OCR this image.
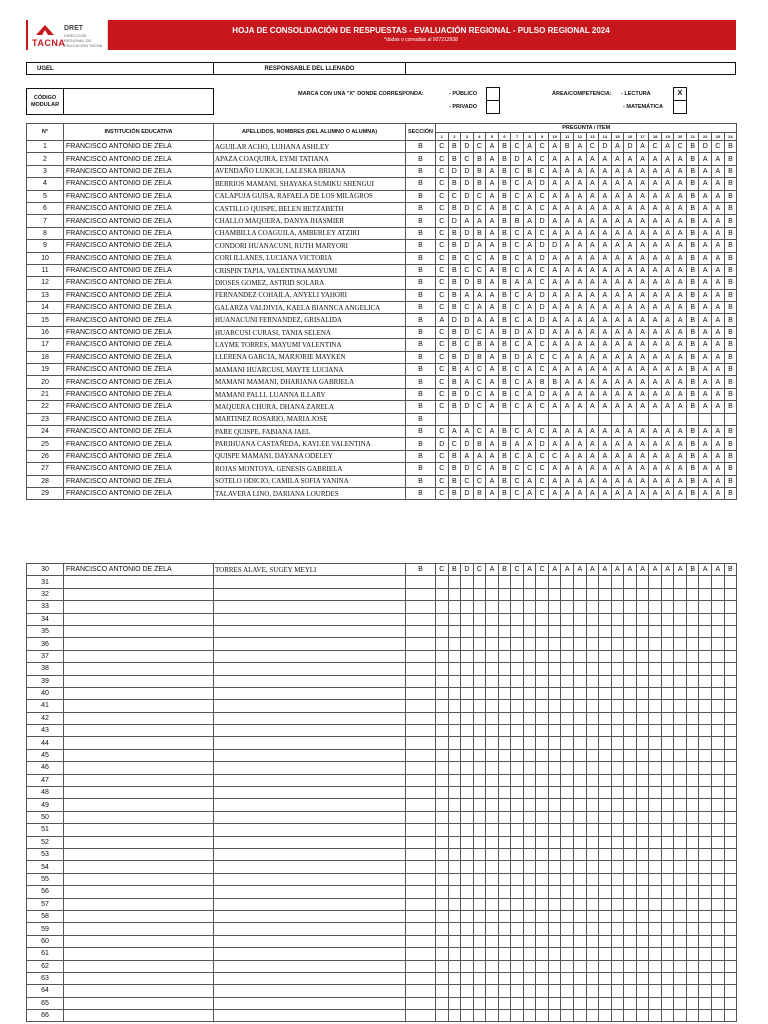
TACNA
DRET
DIRECCIÓN REGIONAL DE EDUCACIÓN TACNA
HOJA DE CONSOLIDACIÓN DE RESPUESTAS - EVALUACIÓN REGIONAL - PULSO REGIONAL 2024
*dudas o consultas al 927212938
UGEL	RESPONSABLE DEL LLENADO
CÓDIGO MODULAR
MARCA CON UNA "X" DONDE CORRESPONDA:	- PÚBLICO
- PRIVADO
ÁREA/COMPETENCIA: - LECTURA	X
- MATEMÁTICA
N°	INSTITUCIÓN EDUCATIVA	APELLIDOS, NOMBRES (DEL ALUMNO O ALUMNA)	SECCIÓN	PREGUNTA / ITEM																							
				1	2	3	4	5	6	7	8	9	10	11	12	13	14	15	16	17	18	19	20	21	22	23	24
1	FRANCISCO ANTONIO DE ZELA	AGUILAR ACHO, LUHANA ASHLEY	B	C	B	D	C	A	B	C	A	C	A	B	A	C	D	A	D	A	C	A	C	B	D	C	B
2	FRANCISCO ANTONIO DE ZELA	APAZA COAQUIRA, EYMI TATIANA	B	C	B	C	B	A	B	D	A	C	A	A	A	A	A	A	A	A	A	A	A	B	A	A	B
3	FRANCISCO ANTONIO DE ZELA	AVENDAÑO LUKICH, LALESKA BRIANA	B	C	D	D	B	A	B	C	B	C	A	A	A	A	A	A	A	A	A	A	A	B	A	A	B
4	FRANCISCO ANTONIO DE ZELA	BERRIOS MAMANI, SHAYAKA SUMIKU SHENGUI	B	C	B	D	B	A	B	C	A	D	A	A	A	A	A	A	A	A	A	A	A	B	A	A	B
5	FRANCISCO ANTONIO DE ZELA	CALAPUJA GUISA, RAFAELA DE LOS MILAGROS	B	C	C	D	C	A	B	C	A	C	A	A	A	A	A	A	A	A	A	A	A	B	A	A	B
6	FRANCISCO ANTONIO DE ZELA	CASTILLO QUISPE, BELEN BETZABETH	B	C	B	D	C	A	B	C	A	C	A	A	A	A	A	A	A	A	A	A	A	B	A	A	B
7	FRANCISCO ANTONIO DE ZELA	CHALLO MAQUERA, DANYA JHASMIER	B	C	D	A	A	A	B	B	A	D	A	A	A	A	A	A	A	A	A	A	A	B	A	A	B
8	FRANCISCO ANTONIO DE ZELA	CHAMBILLA COAGUILA, AMBERLEY ATZIRI	B	C	B	D	B	A	B	C	A	C	A	A	A	A	A	A	A	A	A	A	A	B	A	A	B
9	FRANCISCO ANTONIO DE ZELA	CONDORI HUANACUNI, RUTH MARYORI	B	C	B	D	A	A	B	C	A	D	D	A	A	A	A	A	A	A	A	A	A	B	A	A	B
10	FRANCISCO ANTONIO DE ZELA	CORI ILLANES, LUCIANA VICTORIA	B	C	B	C	C	A	B	C	A	D	A	A	A	A	A	A	A	A	A	A	A	B	A	A	B
11	FRANCISCO ANTONIO DE ZELA	CRISPIN TAPIA, VALENTINA MAYUMI	B	C	B	C	C	A	B	C	A	C	A	A	A	A	A	A	A	A	A	A	A	B	A	A	B
12	FRANCISCO ANTONIO DE ZELA	DIOSES GOMEZ, ASTRID SOLARA	B	C	B	D	B	A	B	A	A	C	A	A	A	A	A	A	A	A	A	A	A	B	A	A	B
13	FRANCISCO ANTONIO DE ZELA	FERNANDEZ COHAILA, ANYELI YAHORI	B	C	B	A	A	A	B	C	A	D	A	A	A	A	A	A	A	A	A	A	A	B	A	A	B
14	FRANCISCO ANTONIO DE ZELA	GALARZA VALDIVIA, KAELA BIANNCA ANGELICA	B	C	B	C	A	A	B	C	A	D	A	A	A	A	A	A	A	A	A	A	A	B	A	A	B
15	FRANCISCO ANTONIO DE ZELA	HUANACUNI FERNANDEZ, GRISALIDA	B	A	D	D	A	A	B	C	A	D	A	A	A	A	A	A	A	A	A	A	A	B	A	A	B
16	FRANCISCO ANTONIO DE ZELA	HUARCUSI CURASI, TANIA SELENA	B	C	B	D	C	A	B	D	A	D	A	A	A	A	A	A	A	A	A	A	A	B	A	A	B
17	FRANCISCO ANTONIO DE ZELA	LAYME TORRES, MAYUMI VALENTINA	B	C	B	C	B	A	B	C	A	C	A	A	A	A	A	A	A	A	A	A	A	B	A	A	B
18	FRANCISCO ANTONIO DE ZELA	LLERENA GARCIA, MARJORIE MAYKEN	B	C	B	D	B	A	B	D	A	C	C	A	A	A	A	A	A	A	A	A	A	B	A	A	B
19	FRANCISCO ANTONIO DE ZELA	MAMANI HUARCUSI, MAYTE LUCIANA	B	C	B	A	C	A	B	C	A	C	A	A	A	A	A	A	A	A	A	A	A	B	A	A	B
20	FRANCISCO ANTONIO DE ZELA	MAMANI MAMANI, DHARIANA GABRIELA	B	C	B	A	C	A	B	C	A	B	B	A	A	A	A	A	A	A	A	A	A	B	A	A	B
21	FRANCISCO ANTONIO DE ZELA	MAMANI PALLI, LUANNA ILLARY	B	C	B	D	C	A	B	C	A	D	A	A	A	A	A	A	A	A	A	A	A	B	A	A	B
22	FRANCISCO ANTONIO DE ZELA	MAQUERA CHURA, DHANA ZARELA	B	C	B	D	C	A	B	C	A	C	A	A	A	A	A	A	A	A	A	A	A	B	A	A	B
23	FRANCISCO ANTONIO DE ZELA	MARTINEZ ROSARIO, MARIA JOSE	B																								
24	FRANCISCO ANTONIO DE ZELA	PARE QUISPE, FABIANA JAEL	B	C	A	A	C	A	B	C	A	C	A	A	A	A	A	A	A	A	A	A	A	B	A	A	B
25	FRANCISCO ANTONIO DE ZELA	PARIHUANA CASTAÑEDA, KAYLEE VALENTINA	B	D	C	D	B	A	B	A	A	D	A	A	A	A	A	A	A	A	A	A	A	B	A	A	B
26	FRANCISCO ANTONIO DE ZELA	QUISPE MAMANI, DAYANA ODELEY	B	C	B	A	A	A	B	C	A	C	C	A	A	A	A	A	A	A	A	A	A	B	A	A	B
27	FRANCISCO ANTONIO DE ZELA	ROJAS MONTOYA, GENESIS GABRIELA	B	C	B	D	C	A	B	C	C	C	A	A	A	A	A	A	A	A	A	A	A	B	A	A	B
28	FRANCISCO ANTONIO DE ZELA	SOTELO ODICIO, CAMILA SOFIA YANINA	B	C	B	C	C	A	B	C	A	C	A	A	A	A	A	A	A	A	A	A	A	B	A	A	B
29	FRANCISCO ANTONIO DE ZELA	TALAVERA LINO, DARIANA LOURDES	B	C	B	D	B	A	B	C	A	C	A	A	A	A	A	A	A	A	A	A	A	B	A	A	B
30	FRANCISCO ANTONIO DE ZELA	TORRES ALAVE, SUGEY MEYLI	B	C	B	D	C	A	B	C	A	C	A	A	A	A	A	A	A	A	A	A	A	B	A	A	B
31																											
32																											
33																											
34																											
35																											
36																											
37																											
38																											
39																											
40																											
41																											
42																											
43																											
44																											
45																											
46																											
47																											
48																											
49																											
50																											
51																											
52																											
53																											
54																											
55																											
56																											
57																											
58																											
59																											
60																											
61																											
62																											
63																											
64																											
65																											
66																											
